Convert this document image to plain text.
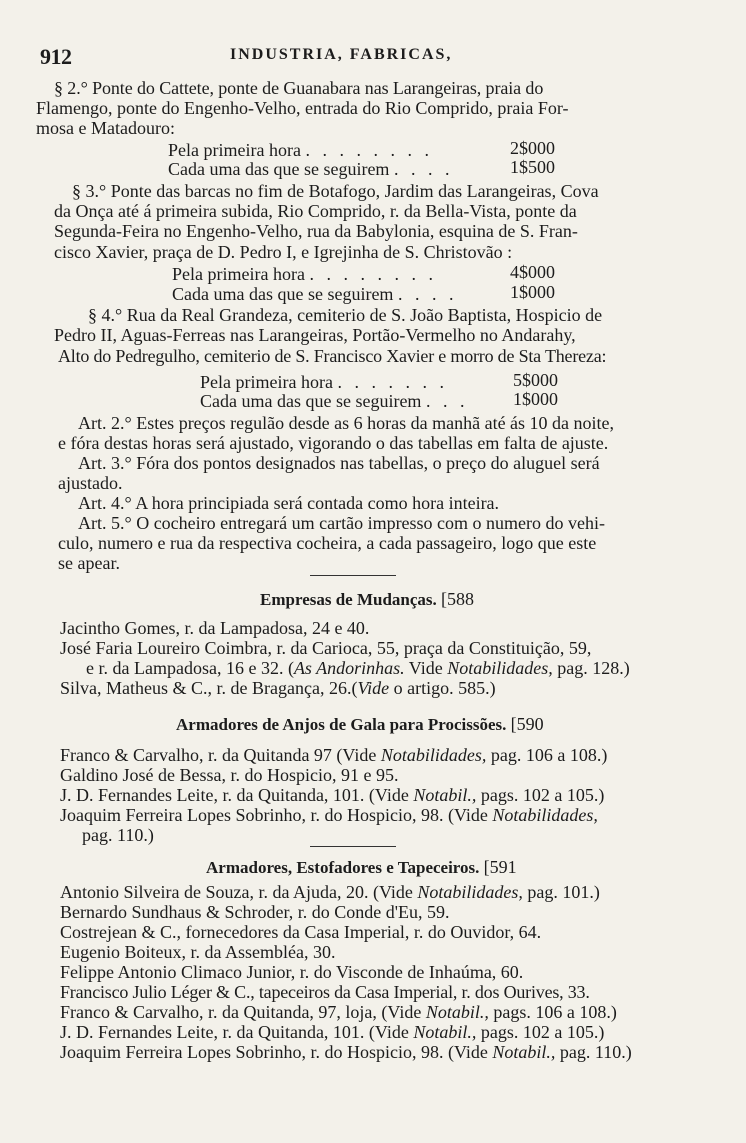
912	INDUSTRIA, FABRICAS,
§ 2.° Ponte do Cattete, ponte de Guanabara nas Larangeiras, praia do
Flamengo, ponte do Engenho-Velho, entrada do Rio Comprido, praia For-
mosa e Matadouro:
Pela primeira hora . . . . . . . .	2$000
Cada uma das que se seguirem . . . .	1$500
§ 3.° Ponte das barcas no fim de Botafogo, Jardim das Larangeiras, Cova
da Onça até á primeira subida, Rio Comprido, r. da Bella-Vista, ponte da
Segunda-Feira no Engenho-Velho, rua da Babylonia, esquina de S. Fran-
cisco Xavier, praça de D. Pedro I, e Igrejinha de S. Christovão :
Pela primeira hora . . . . . . . .	4$000
Cada uma das que se seguirem . . . .	1$000
§ 4.° Rua da Real Grandeza, cemiterio de S. João Baptista, Hospicio de
Pedro II, Aguas-Ferreas nas Larangeiras, Portão-Vermelho no Andarahy,
Alto do Pedregulho, cemiterio de S. Francisco Xavier e morro de Sta Thereza:
Pela primeira hora . . . . . . .	5$000
Cada uma das que se seguirem . . . 1$000
Art. 2.° Estes preços regulão desde as 6 horas da manhã até ás 10 da noite,
e fóra destas horas será ajustado, vigorando o das tabellas em falta de ajuste.
Art. 3.° Fóra dos pontos designados nas tabellas, o preço do aluguel será
ajustado.
Art. 4.° A hora principiada será contada como hora inteira.
Art. 5.° O cocheiro entregará um cartão impresso com o numero do vehi-
culo, numero e rua da respectiva cocheira, a cada passageiro, logo que este
se apear.
Empresas de Mudanças. [588
Jacintho Gomes, r. da Lampadosa, 24 e 40.
José Faria Loureiro Coimbra, r. da Carioca, 55, praça da Constituição, 59,
e r. da Lampadosa, 16 e 32. (As Andorinhas. Vide Notabilidades, pag. 128.)
Silva, Matheus & C., r. de Bragança, 26.(Vide o artigo. 585.)
Armadores de Anjos de Gala para Procissões. [590
Franco & Carvalho, r. da Quitanda 97 (Vide Notabilidades, pag. 106 a 108.)
Galdino José de Bessa, r. do Hospicio, 91 e 95.
J. D. Fernandes Leite, r. da Quitanda, 101. (Vide Notabil., pags. 102 a 105.)
Joaquim Ferreira Lopes Sobrinho, r. do Hospicio, 98. (Vide Notabilidades,
pag. 110.)
Armadores, Estofadores e Tapeceiros. [591
Antonio Silveira de Souza, r. da Ajuda, 20. (Vide Notabilidades, pag. 101.)
Bernardo Sundhaus & Schroder, r. do Conde d'Eu, 59.
Costrejean & C., fornecedores da Casa Imperial, r. do Ouvidor, 64.
Eugenio Boiteux, r. da Assembléa, 30.
Felippe Antonio Climaco Junior, r. do Visconde de Inhaúma, 60.
Francisco Julio Léger & C., tapeceiros da Casa Imperial, r. dos Ourives, 33.
Franco & Carvalho, r. da Quitanda, 97, loja, (Vide Notabil., pags. 106 a 108.)
J. D. Fernandes Leite, r. da Quitanda, 101. (Vide Notabil., pags. 102 a 105.)
Joaquim Ferreira Lopes Sobrinho, r. do Hospicio, 98. (Vide Notabil., pag. 110.)
